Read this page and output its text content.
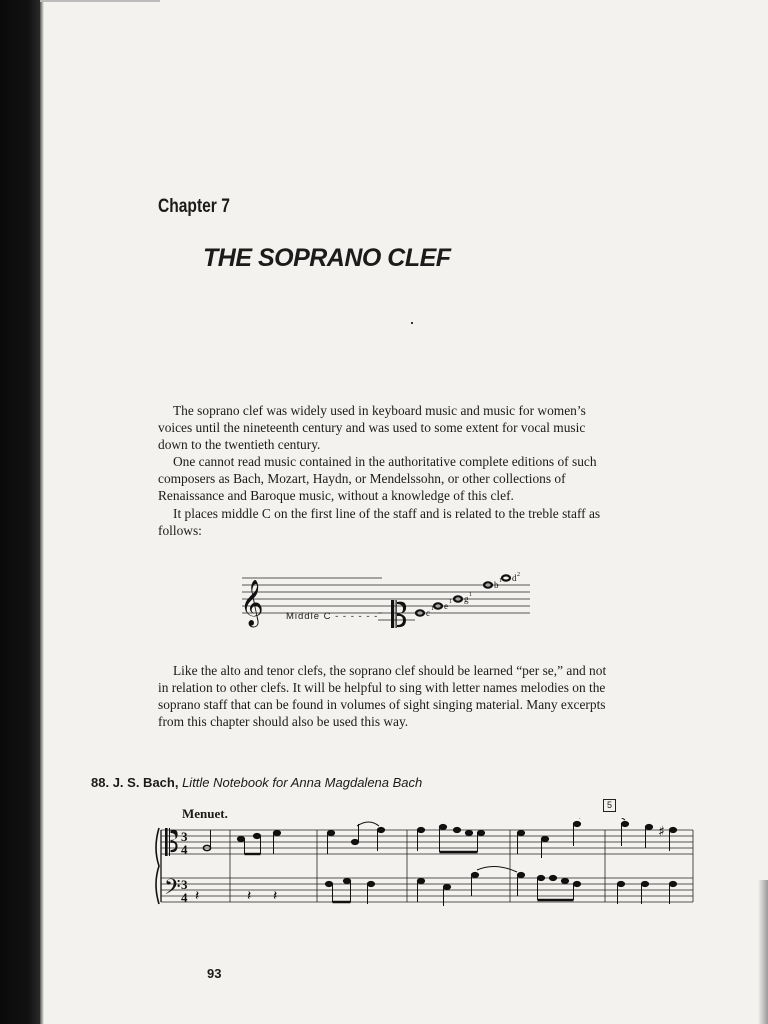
Chapter 7
THE SOPRANO CLEF

The soprano clef was widely used in keyboard music and music for women’s voices until the nineteenth century and was used to some extent for vocal music down to the twentieth century.

One cannot read music contained in the authoritative complete editions of such composers as Bach, Mozart, Haydn, or Mendelssohn, or other collections of Renaissance and Baroque music, without a knowledge of this clef.

It places middle C on the first line of the staff and is related to the treble staff as follows:

𝄞	c 1 e 1 g 1
b 1 d 2
Middle C - - - - - -

Like the alto and tenor clefs, the soprano clef should be learned “per se,” and not in relation to other clefs. It will be helpful to sing with letter names melodies on the soprano staff that can be found in volumes of sight singing material. Many excerpts from this chapter should also be used this way.

88. J. S. Bach, Little Notebook for Anna Magdalena Bach
Menuet.
5
𝄢
3
4
3
4
♯
𝄽	𝄽 𝄽
93
